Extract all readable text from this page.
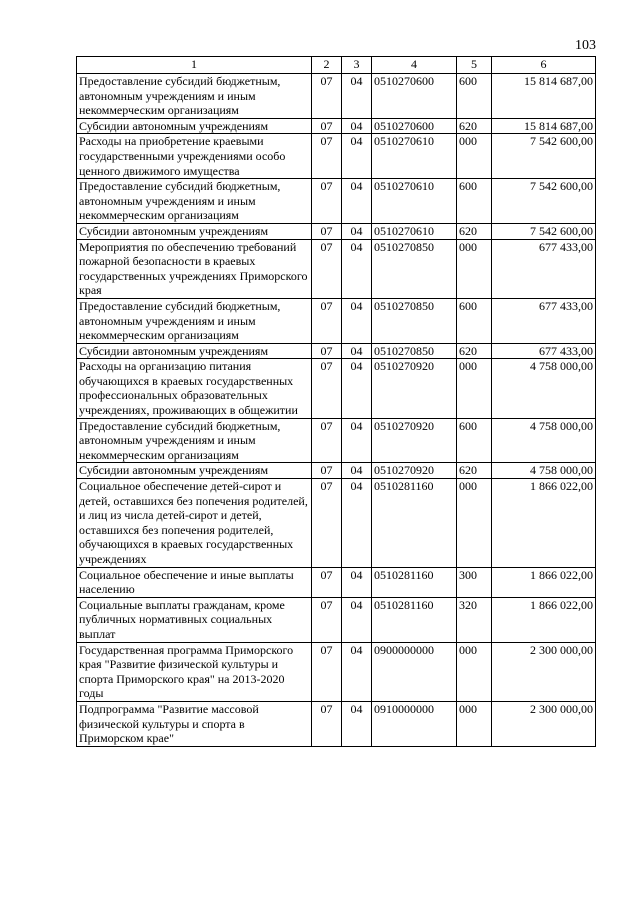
103
1	2	3	4	5	6
Предоставление субсидий бюджетным, автономным учреждениям и иным некоммерческим организациям	07	04	0510270600	600	15 814 687,00
Субсидии автономным учреждениям	07	04	0510270600	620	15 814 687,00
Расходы на приобретение краевыми государственными учреждениями особо ценного движимого имущества	07	04	0510270610	000	7 542 600,00
Предоставление субсидий бюджетным, автономным учреждениям и иным некоммерческим организациям	07	04	0510270610	600	7 542 600,00
Субсидии автономным учреждениям	07	04	0510270610	620	7 542 600,00
Мероприятия по обеспечению требований пожарной безопасности в краевых государственных учреждениях Приморского края	07	04	0510270850	000	677 433,00
Предоставление субсидий бюджетным, автономным учреждениям и иным некоммерческим организациям	07	04	0510270850	600	677 433,00
Субсидии автономным учреждениям	07	04	0510270850	620	677 433,00
Расходы на организацию питания обучающихся в краевых государственных профессиональных образовательных учреждениях, проживающих в общежитии	07	04	0510270920	000	4 758 000,00
Предоставление субсидий бюджетным, автономным учреждениям и иным некоммерческим организациям	07	04	0510270920	600	4 758 000,00
Субсидии автономным учреждениям	07	04	0510270920	620	4 758 000,00
Социальное обеспечение детей-сирот и детей, оставшихся без попечения родителей, и лиц из числа детей-сирот и детей, оставшихся без попечения родителей, обучающихся в краевых государственных учреждениях	07	04	0510281160	000	1 866 022,00
Социальное обеспечение и иные выплаты населению	07	04	0510281160	300	1 866 022,00
Социальные выплаты гражданам, кроме публичных нормативных социальных выплат	07	04	0510281160	320	1 866 022,00
Государственная программа Приморского края "Развитие физической культуры и спорта Приморского края" на 2013-2020 годы	07	04	0900000000	000	2 300 000,00
Подпрограмма "Развитие массовой физической культуры и спорта в Приморском крае"	07	04	0910000000	000	2 300 000,00
